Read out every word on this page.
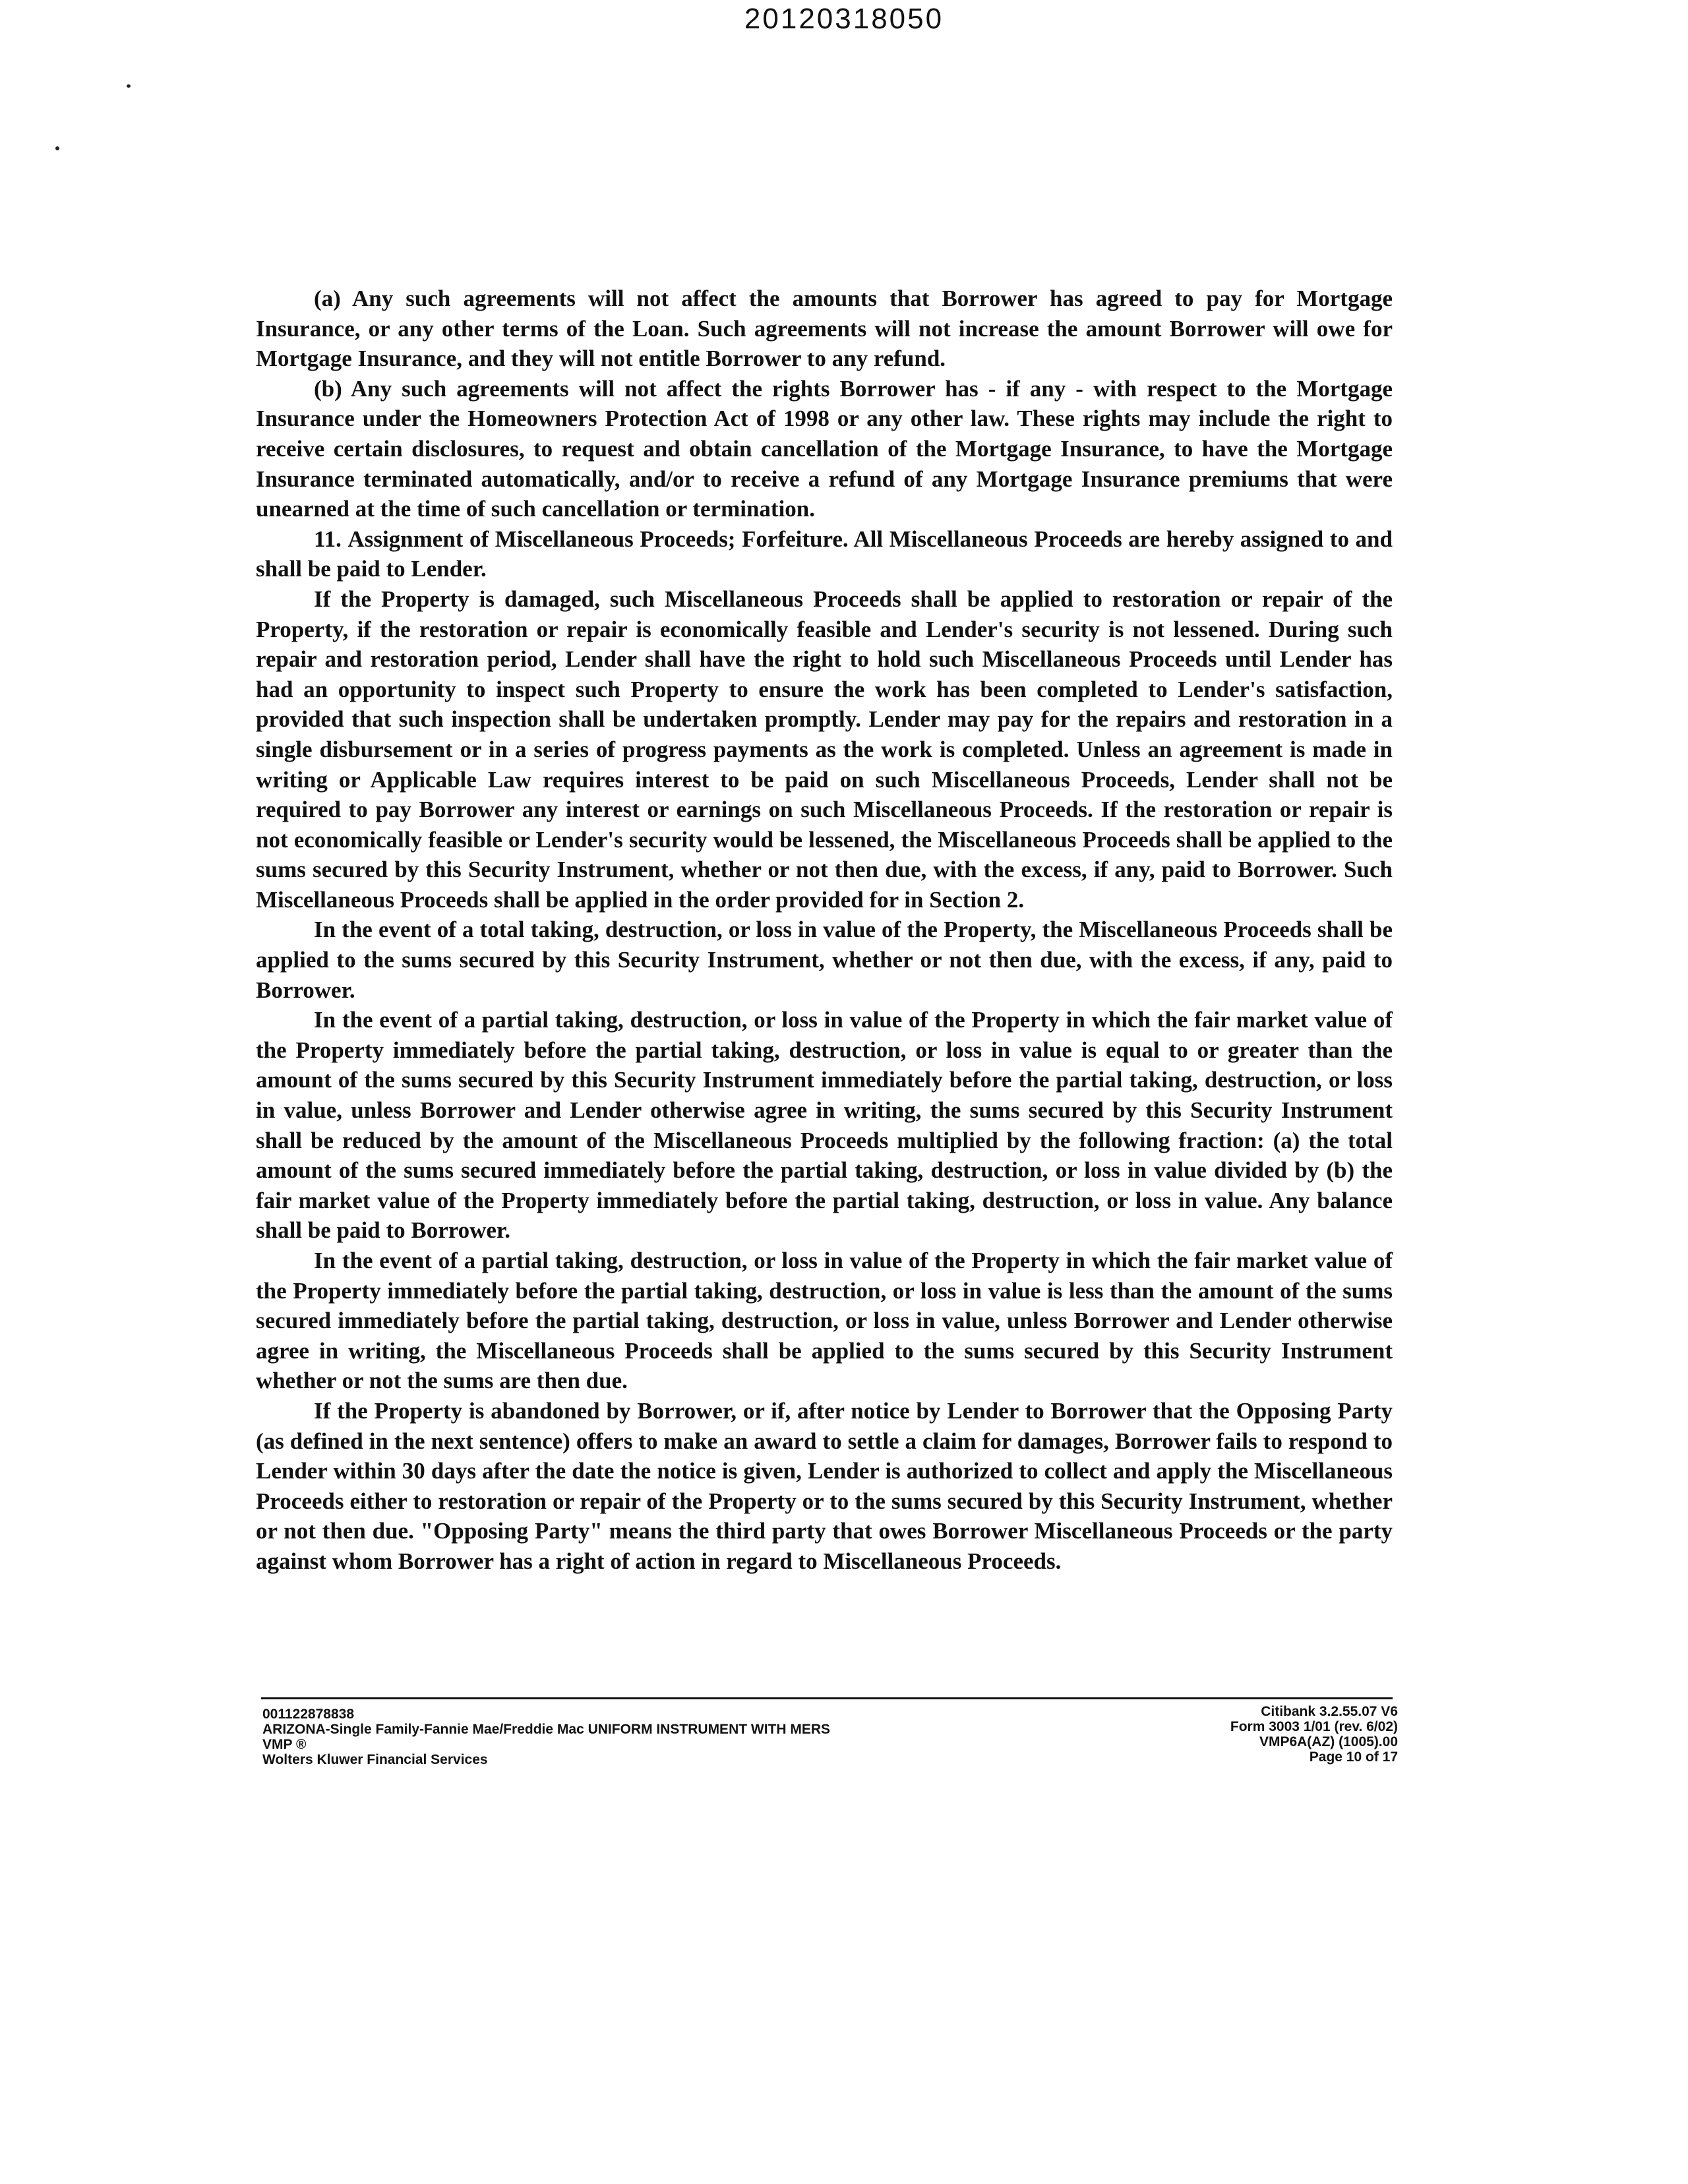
20120318050

(a) Any such agreements will not affect the amounts that Borrower has agreed to pay for Mortgage Insurance, or any other terms of the Loan. Such agreements will not increase the amount Borrower will owe for Mortgage Insurance, and they will not entitle Borrower to any refund.

(b) Any such agreements will not affect the rights Borrower has - if any - with respect to the Mortgage Insurance under the Homeowners Protection Act of 1998 or any other law. These rights may include the right to receive certain disclosures, to request and obtain cancellation of the Mortgage Insurance, to have the Mortgage Insurance terminated automatically, and/or to receive a refund of any Mortgage Insurance premiums that were unearned at the time of such cancellation or termination.

11. Assignment of Miscellaneous Proceeds; Forfeiture. All Miscellaneous Proceeds are hereby assigned to and shall be paid to Lender.

If the Property is damaged, such Miscellaneous Proceeds shall be applied to restoration or repair of the Property, if the restoration or repair is economically feasible and Lender's security is not lessened. During such repair and restoration period, Lender shall have the right to hold such Miscellaneous Proceeds until Lender has had an opportunity to inspect such Property to ensure the work has been completed to Lender's satisfaction, provided that such inspection shall be undertaken promptly. Lender may pay for the repairs and restoration in a single disbursement or in a series of progress payments as the work is completed. Unless an agreement is made in writing or Applicable Law requires interest to be paid on such Miscellaneous Proceeds, Lender shall not be required to pay Borrower any interest or earnings on such Miscellaneous Proceeds. If the restoration or repair is not economically feasible or Lender's security would be lessened, the Miscellaneous Proceeds shall be applied to the sums secured by this Security Instrument, whether or not then due, with the excess, if any, paid to Borrower. Such Miscellaneous Proceeds shall be applied in the order provided for in Section 2.

In the event of a total taking, destruction, or loss in value of the Property, the Miscellaneous Proceeds shall be applied to the sums secured by this Security Instrument, whether or not then due, with the excess, if any, paid to Borrower.

In the event of a partial taking, destruction, or loss in value of the Property in which the fair market value of the Property immediately before the partial taking, destruction, or loss in value is equal to or greater than the amount of the sums secured by this Security Instrument immediately before the partial taking, destruction, or loss in value, unless Borrower and Lender otherwise agree in writing, the sums secured by this Security Instrument shall be reduced by the amount of the Miscellaneous Proceeds multiplied by the following fraction: (a) the total amount of the sums secured immediately before the partial taking, destruction, or loss in value divided by (b) the fair market value of the Property immediately before the partial taking, destruction, or loss in value. Any balance shall be paid to Borrower.

In the event of a partial taking, destruction, or loss in value of the Property in which the fair market value of the Property immediately before the partial taking, destruction, or loss in value is less than the amount of the sums secured immediately before the partial taking, destruction, or loss in value, unless Borrower and Lender otherwise agree in writing, the Miscellaneous Proceeds shall be applied to the sums secured by this Security Instrument whether or not the sums are then due.

If the Property is abandoned by Borrower, or if, after notice by Lender to Borrower that the Opposing Party (as defined in the next sentence) offers to make an award to settle a claim for damages, Borrower fails to respond to Lender within 30 days after the date the notice is given, Lender is authorized to collect and apply the Miscellaneous Proceeds either to restoration or repair of the Property or to the sums secured by this Security Instrument, whether or not then due. "Opposing Party" means the third party that owes Borrower Miscellaneous Proceeds or the party against whom Borrower has a right of action in regard to Miscellaneous Proceeds.

001122878838
ARIZONA-Single Family-Fannie Mae/Freddie Mac UNIFORM INSTRUMENT WITH MERS
VMP ®
Wolters Kluwer Financial Services
Citibank 3.2.55.07 V6
Form 3003 1/01 (rev. 6/02)
VMP6A(AZ) (1005).00
Page 10 of 17
